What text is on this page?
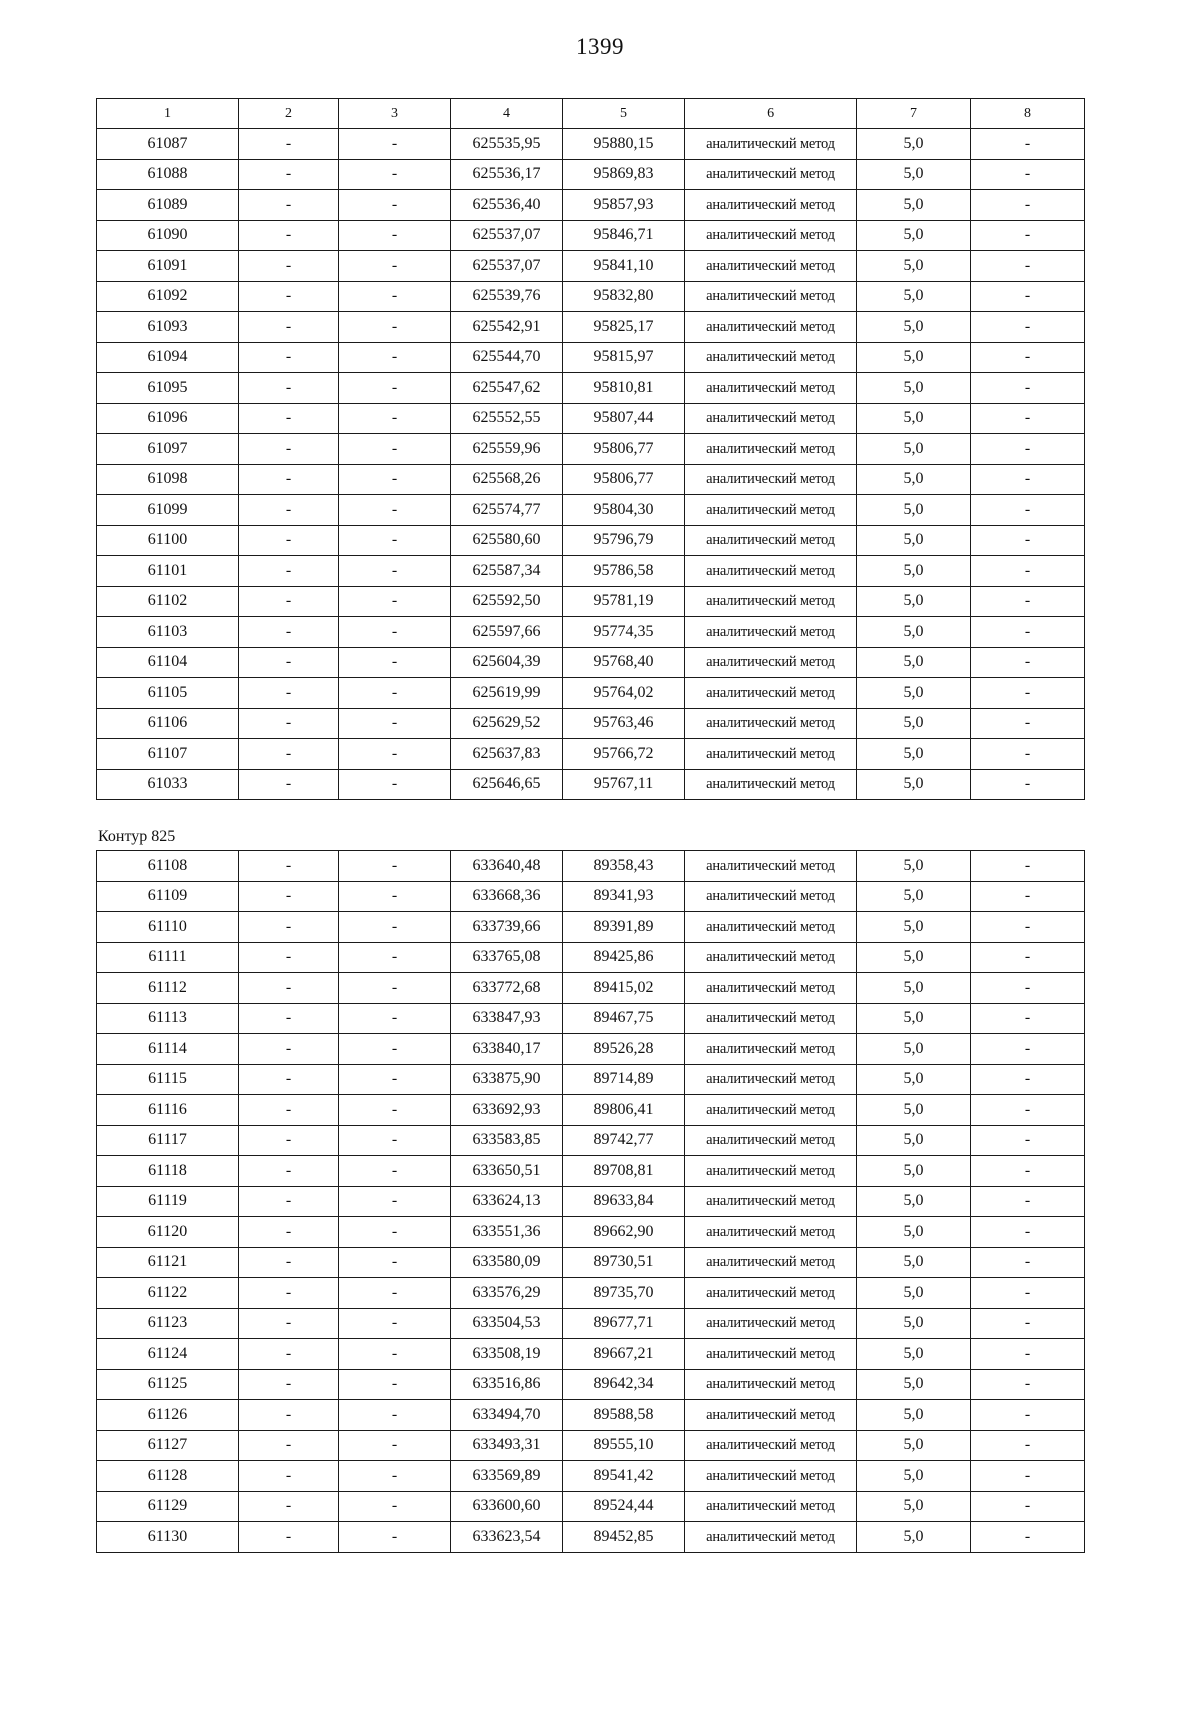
1399
1	2	3	4	5	6	7	8
61087	-	-	625535,95	95880,15	аналитический метод	5,0	-
61088	-	-	625536,17	95869,83	аналитический метод	5,0	-
61089	-	-	625536,40	95857,93	аналитический метод	5,0	-
61090	-	-	625537,07	95846,71	аналитический метод	5,0	-
61091	-	-	625537,07	95841,10	аналитический метод	5,0	-
61092	-	-	625539,76	95832,80	аналитический метод	5,0	-
61093	-	-	625542,91	95825,17	аналитический метод	5,0	-
61094	-	-	625544,70	95815,97	аналитический метод	5,0	-
61095	-	-	625547,62	95810,81	аналитический метод	5,0	-
61096	-	-	625552,55	95807,44	аналитический метод	5,0	-
61097	-	-	625559,96	95806,77	аналитический метод	5,0	-
61098	-	-	625568,26	95806,77	аналитический метод	5,0	-
61099	-	-	625574,77	95804,30	аналитический метод	5,0	-
61100	-	-	625580,60	95796,79	аналитический метод	5,0	-
61101	-	-	625587,34	95786,58	аналитический метод	5,0	-
61102	-	-	625592,50	95781,19	аналитический метод	5,0	-
61103	-	-	625597,66	95774,35	аналитический метод	5,0	-
61104	-	-	625604,39	95768,40	аналитический метод	5,0	-
61105	-	-	625619,99	95764,02	аналитический метод	5,0	-
61106	-	-	625629,52	95763,46	аналитический метод	5,0	-
61107	-	-	625637,83	95766,72	аналитический метод	5,0	-
61033	-	-	625646,65	95767,11	аналитический метод	5,0	-
Контур 825
61108	-	-	633640,48	89358,43	аналитический метод	5,0	-
61109	-	-	633668,36	89341,93	аналитический метод	5,0	-
61110	-	-	633739,66	89391,89	аналитический метод	5,0	-
61111	-	-	633765,08	89425,86	аналитический метод	5,0	-
61112	-	-	633772,68	89415,02	аналитический метод	5,0	-
61113	-	-	633847,93	89467,75	аналитический метод	5,0	-
61114	-	-	633840,17	89526,28	аналитический метод	5,0	-
61115	-	-	633875,90	89714,89	аналитический метод	5,0	-
61116	-	-	633692,93	89806,41	аналитический метод	5,0	-
61117	-	-	633583,85	89742,77	аналитический метод	5,0	-
61118	-	-	633650,51	89708,81	аналитический метод	5,0	-
61119	-	-	633624,13	89633,84	аналитический метод	5,0	-
61120	-	-	633551,36	89662,90	аналитический метод	5,0	-
61121	-	-	633580,09	89730,51	аналитический метод	5,0	-
61122	-	-	633576,29	89735,70	аналитический метод	5,0	-
61123	-	-	633504,53	89677,71	аналитический метод	5,0	-
61124	-	-	633508,19	89667,21	аналитический метод	5,0	-
61125	-	-	633516,86	89642,34	аналитический метод	5,0	-
61126	-	-	633494,70	89588,58	аналитический метод	5,0	-
61127	-	-	633493,31	89555,10	аналитический метод	5,0	-
61128	-	-	633569,89	89541,42	аналитический метод	5,0	-
61129	-	-	633600,60	89524,44	аналитический метод	5,0	-
61130	-	-	633623,54	89452,85	аналитический метод	5,0	-
